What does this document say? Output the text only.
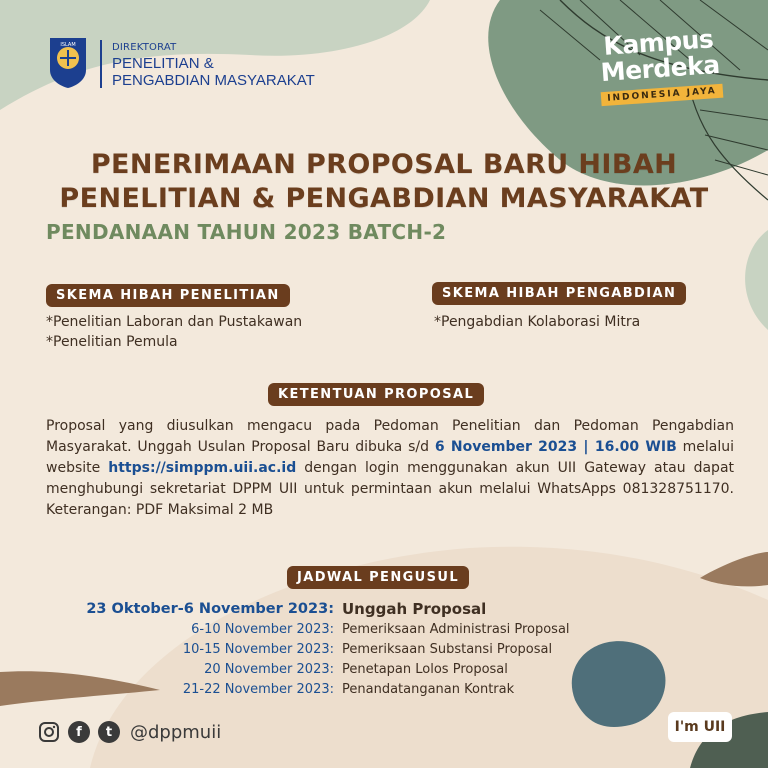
ISLAM	DIREKTORAT
PENELITIAN &
PENGABDIAN MASYARAKAT
Kampus
Merdeka
INDONESIA JAYA
PENERIMAAN PROPOSAL BARU HIBAH
PENELITIAN & PENGABDIAN MASYARAKAT
PENDANAAN TAHUN 2023 BATCH-2
SKEMA HIBAH PENELITIAN
*Penelitian Laboran dan Pustakawan
*Penelitian Pemula
SKEMA HIBAH PENGABDIAN
*Pengabdian Kolaborasi Mitra
KETENTUAN PROPOSAL
Proposal yang diusulkan mengacu pada Pedoman Penelitian dan Pedoman Pengabdian Masyarakat. Unggah Usulan Proposal Baru dibuka s/d 6 November 2023 | 16.00 WIB melalui website https://simppm.uii.ac.id dengan login menggunakan akun UII Gateway atau dapat menghubungi sekretariat DPPM UII untuk permintaan akun melalui WhatsApps 081328751170. Keterangan: PDF Maksimal 2 MB
JADWAL PENGUSUL
23 Oktober-6 November 2023: Unggah Proposal
6-10 November 2023: Pemeriksaan Administrasi Proposal
10-15 November 2023: Pemeriksaan Substansi Proposal
20 November 2023: Penetapan Lolos Proposal
21-22 November 2023: Penandatanganan Kontrak
f	t @dppmuii	I'm UII
